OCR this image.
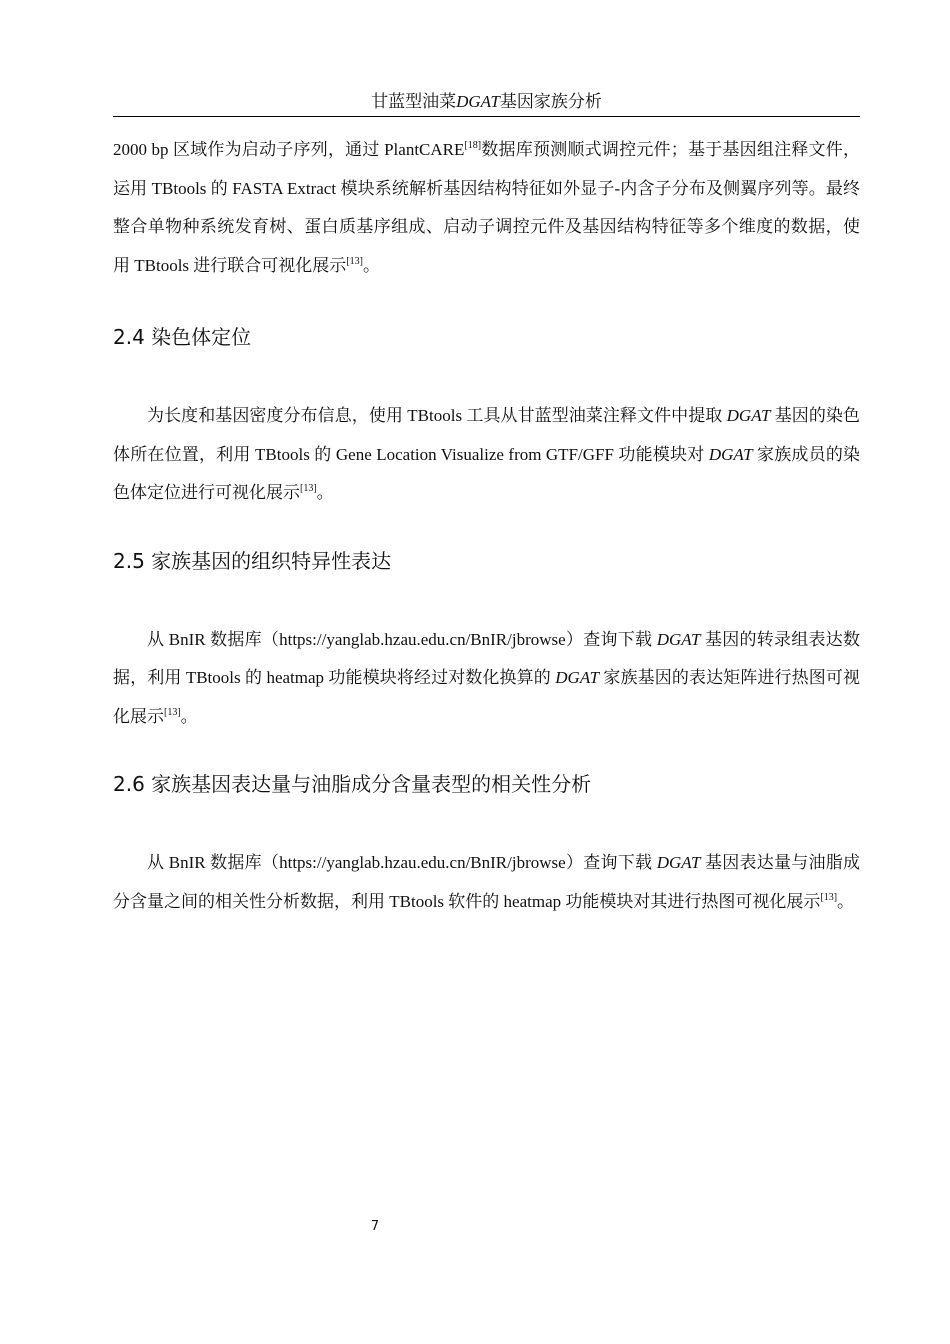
甘蓝型油菜DGAT基因家族分析

2000 bp 区域作为启动子序列，通过 PlantCARE[18]数据库预测顺式调控元件；基于基因组注释文件，运用 TBtools 的 FASTA Extract 模块系统解析基因结构特征如外显子-内含子分布及侧翼序列等。最终整合单物种系统发育树、蛋白质基序组成、启动子调控元件及基因结构特征等多个维度的数据，使用 TBtools 进行联合可视化展示[13]。

2.4 染色体定位

为长度和基因密度分布信息，使用 TBtools 工具从甘蓝型油菜注释文件中提取 DGAT 基因的染色体所在位置，利用 TBtools 的 Gene Location Visualize from GTF/GFF 功能模块对 DGAT 家族成员的染色体定位进行可视化展示[13]。

2.5 家族基因的组织特异性表达

从 BnIR 数据库（https://yanglab.hzau.edu.cn/BnIR/jbrowse）查询下载 DGAT 基因的转录组表达数据，利用 TBtools 的 heatmap 功能模块将经过对数化换算的 DGAT 家族基因的表达矩阵进行热图可视化展示[13]。

2.6 家族基因表达量与油脂成分含量表型的相关性分析

从 BnIR 数据库（https://yanglab.hzau.edu.cn/BnIR/jbrowse）查询下载 DGAT 基因表达量与油脂成分含量之间的相关性分析数据，利用 TBtools 软件的 heatmap 功能模块对其进行热图可视化展示[13]。

7
